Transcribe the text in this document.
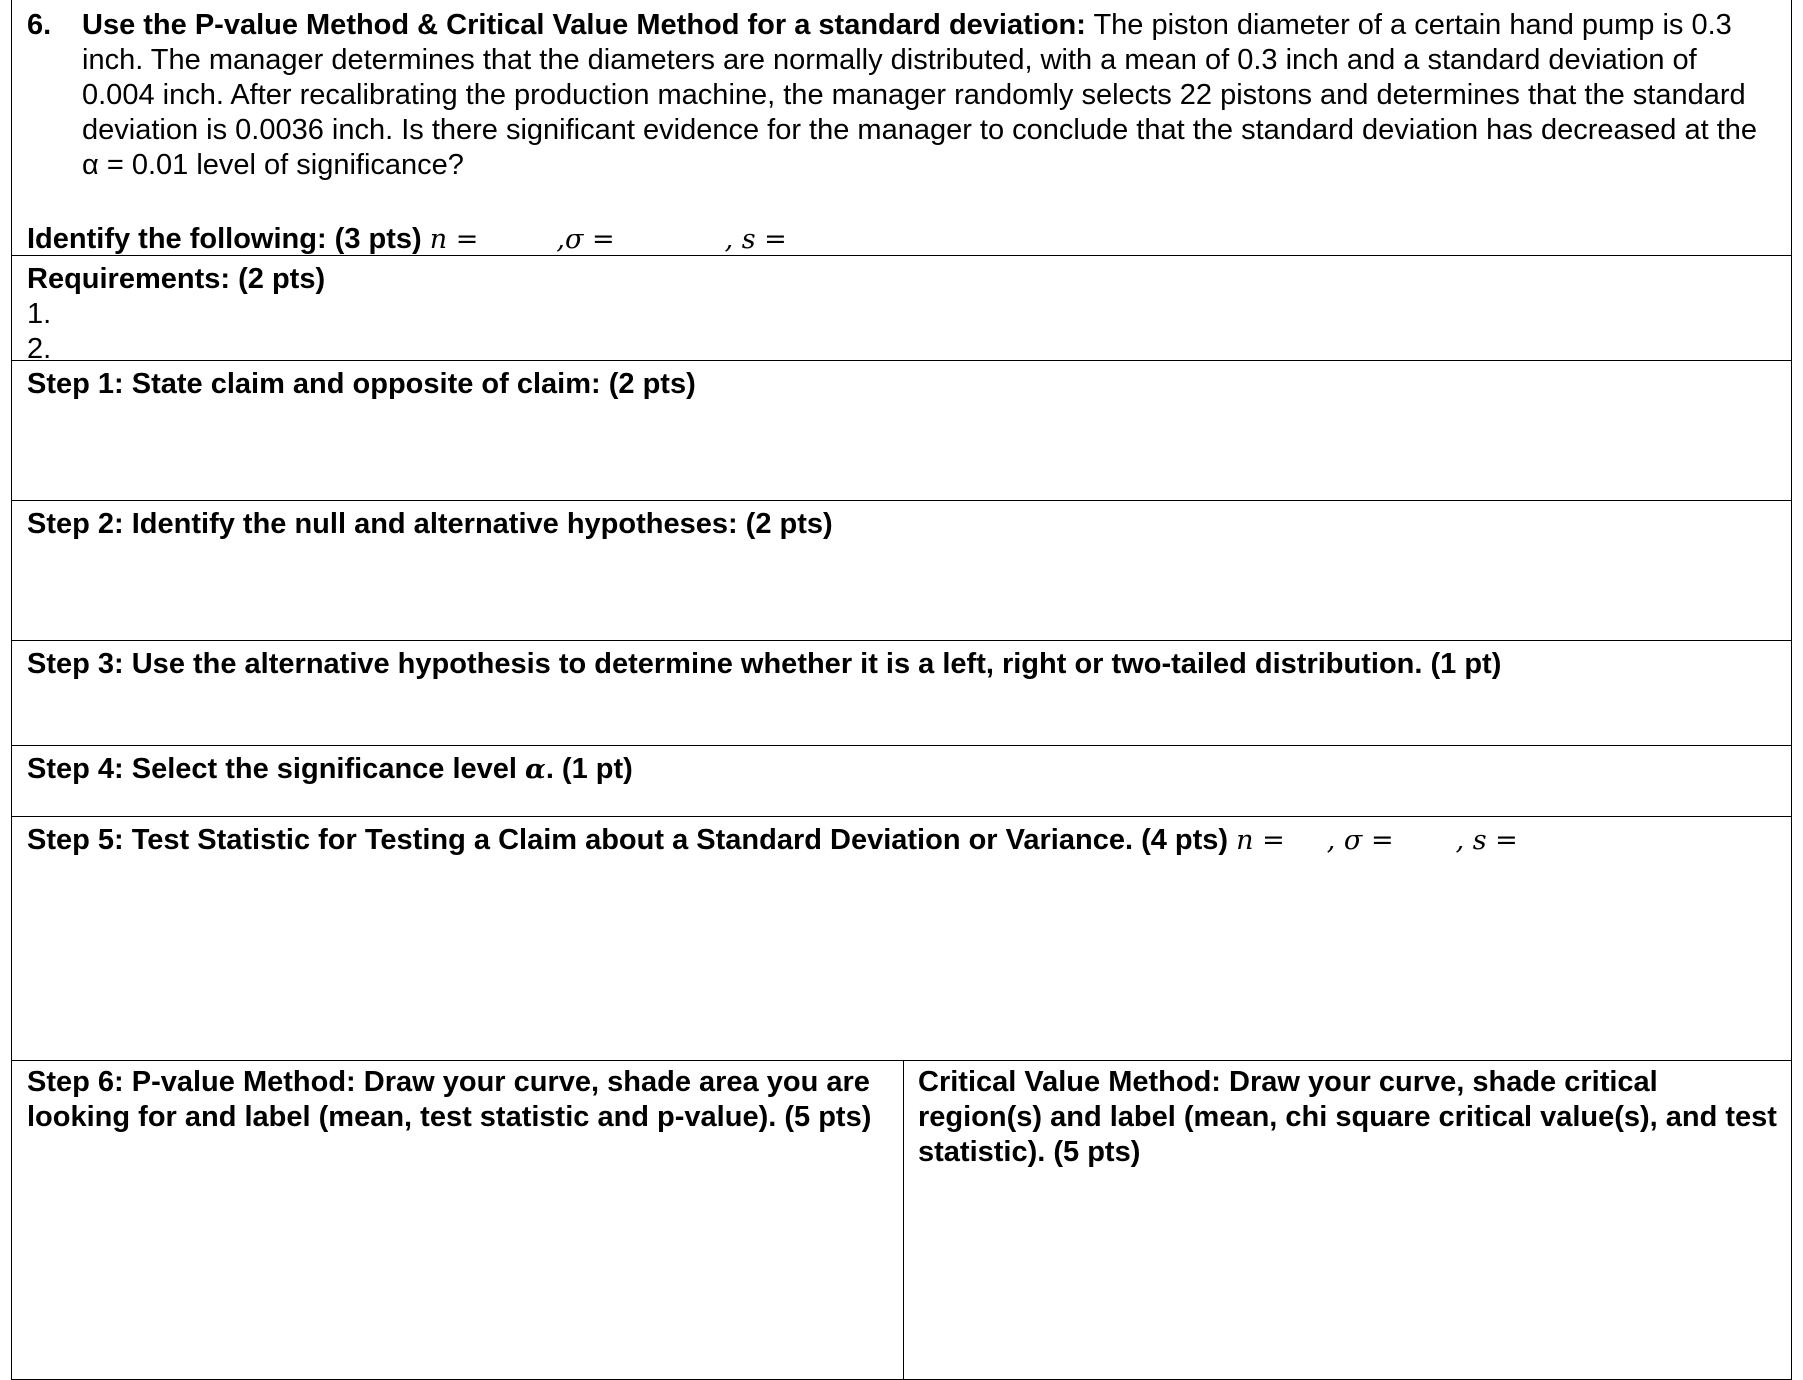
6. Use the P-value Method & Critical Value Method for a standard deviation: The piston diameter of a certain hand pump is 0.3 inch. The manager determines that the diameters are normally distributed, with a mean of 0.3 inch and a standard deviation of 0.004 inch. After recalibrating the production machine, the manager randomly selects 22 pistons and determines that the standard deviation is 0.0036 inch. Is there significant evidence for the manager to conclude that the standard deviation has decreased at the α = 0.01 level of significance?
Identify the following: (3 pts) n =	,σ =	, s =
Requirements: (2 pts)
1.
2.
Step 1: State claim and opposite of claim: (2 pts)
Step 2: Identify the null and alternative hypotheses: (2 pts)
Step 3: Use the alternative hypothesis to determine whether it is a left, right or two-tailed distribution. (1 pt)
Step 4: Select the significance level α. (1 pt)
Step 5: Test Statistic for Testing a Claim about a Standard Deviation or Variance. (4 pts) n = , σ = , s =
Step 6: P-value Method: Draw your curve, shade area you are looking for and label (mean, test statistic and p-value). (5 pts)
Critical Value Method: Draw your curve, shade critical region(s) and label (mean, chi square critical value(s), and test statistic). (5 pts)
